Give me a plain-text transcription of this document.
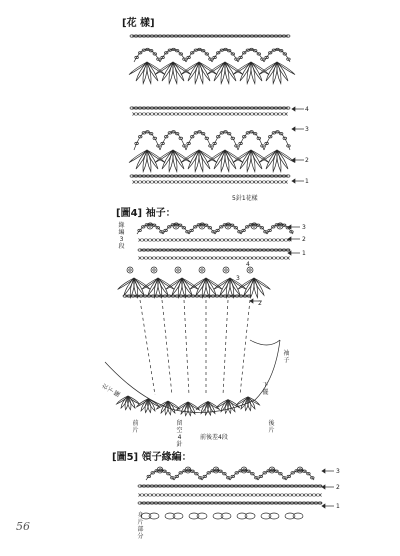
[花 樣]
[圖4] 袖子：
[圖5] 領子緣編：
5針1花樣
4
3
2
1
3
2
1
3
4
2
緣編3段
前後差4段
前片
後片
留空4針
衣下擺
下擺
袖子
3
2
1
身片部分
56
